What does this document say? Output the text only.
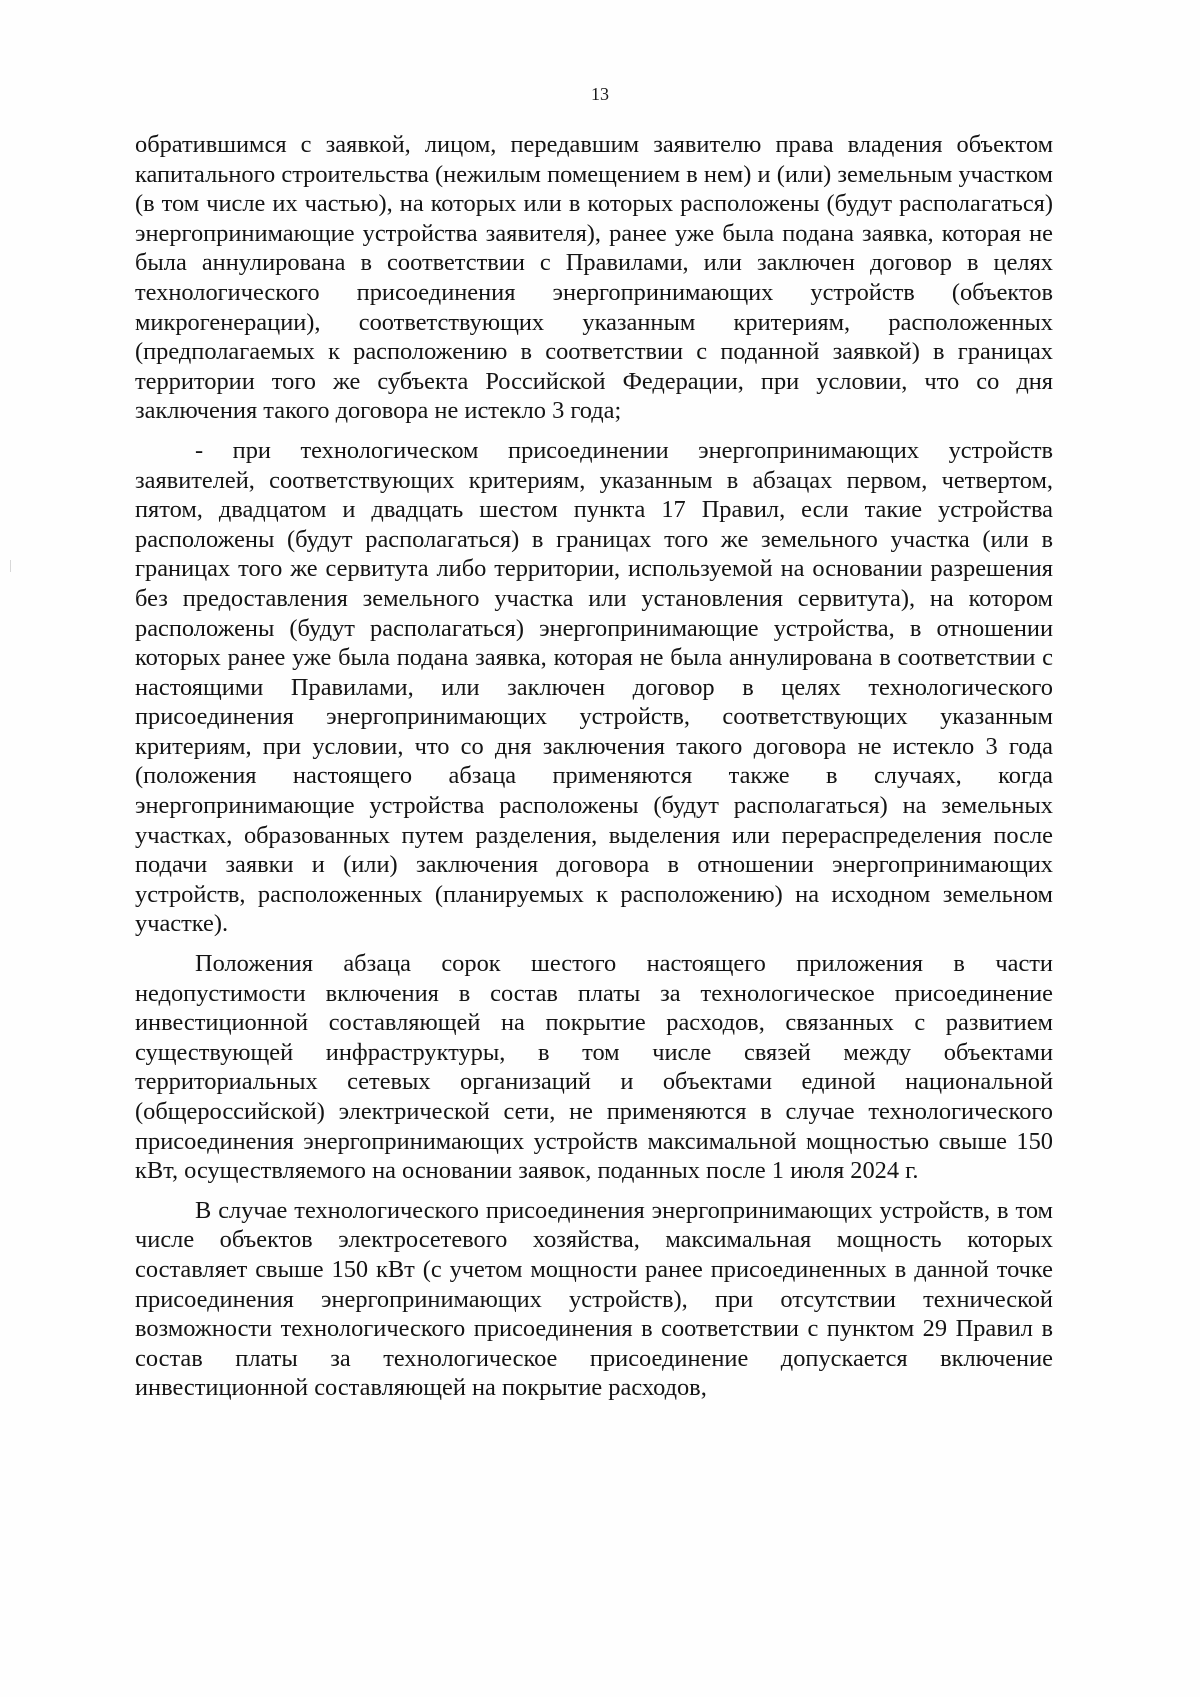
13

обратившимся с заявкой, лицом, передавшим заявителю права владения объектом капитального строительства (нежилым помещением в нем) и (или) земельным участком (в том числе их частью), на которых или в которых расположены (будут располагаться) энергопринимающие устройства заявителя), ранее уже была подана заявка, которая не была аннулирована в соответствии с Правилами, или заключен договор в целях технологического присоединения энергопринимающих устройств (объектов микрогенерации), соответствующих указанным критериям, расположенных (предполагаемых к расположению в соответствии с поданной заявкой) в границах территории того же субъекта Российской Федерации, при условии, что со дня заключения такого договора не истекло 3 года;

- при технологическом присоединении энергопринимающих устройств заявителей, соответствующих критериям, указанным в абзацах первом, четвертом, пятом, двадцатом и двадцать шестом пункта 17 Правил, если такие устройства расположены (будут располагаться) в границах того же земельного участка (или в границах того же сервитута либо территории, используемой на основании разрешения без предоставления земельного участка или установления сервитута), на котором расположены (будут располагаться) энергопринимающие устройства, в отношении которых ранее уже была подана заявка, которая не была аннулирована в соответствии с настоящими Правилами, или заключен договор в целях технологического присоединения энергопринимающих устройств, соответствующих указанным критериям, при условии, что со дня заключения такого договора не истекло 3 года (положения настоящего абзаца применяются также в случаях, когда энергопринимающие устройства расположены (будут располагаться) на земельных участках, образованных путем разделения, выделения или перераспределения после подачи заявки и (или) заключения договора в отношении энергопринимающих устройств, расположенных (планируемых к расположению) на исходном земельном участке).

Положения абзаца сорок шестого настоящего приложения в части недопустимости включения в состав платы за технологическое присоединение инвестиционной составляющей на покрытие расходов, связанных с развитием существующей инфраструктуры, в том числе связей между объектами территориальных сетевых организаций и объектами единой национальной (общероссийской) электрической сети, не применяются в случае технологического присоединения энергопринимающих устройств максимальной мощностью свыше 150 кВт, осуществляемого на основании заявок, поданных после 1 июля 2024 г.

В случае технологического присоединения энергопринимающих устройств, в том числе объектов электросетевого хозяйства, максимальная мощность которых составляет свыше 150 кВт (с учетом мощности ранее присоединенных в данной точке присоединения энергопринимающих устройств), при отсутствии технической возможности технологического присоединения в соответствии с пунктом 29 Правил в состав платы за технологическое присоединение допускается включение инвестиционной составляющей на покрытие расходов,
